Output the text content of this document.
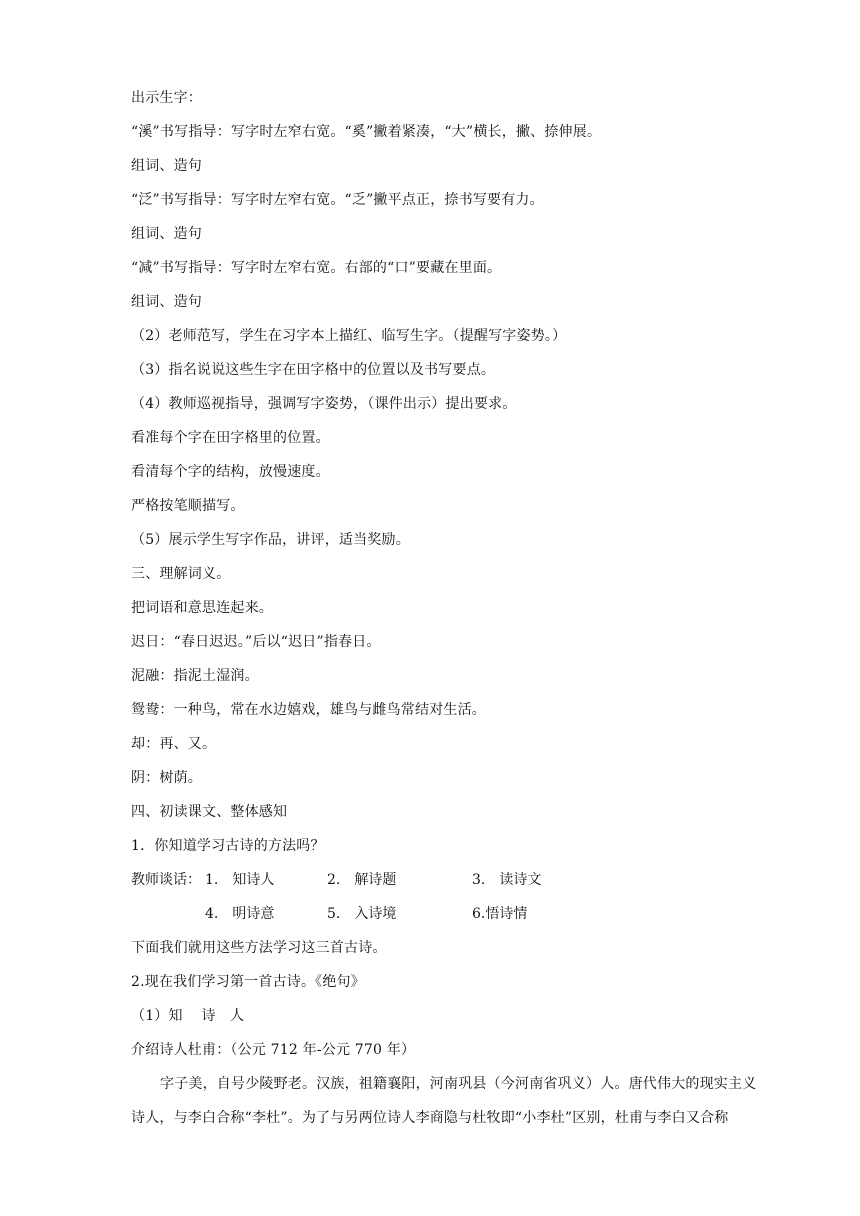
出示生字：
“溪”书写指导：写字时左窄右宽。“奚”撇着紧凑，“大”横长，撇、捺伸展。
组词、造句
“泛”书写指导：写字时左窄右宽。“乏”撇平点正，捺书写要有力。
组词、造句
“减”书写指导：写字时左窄右宽。右部的“口”要藏在里面。
组词、造句
（2）老师范写，学生在习字本上描红、临写生字。（提醒写字姿势。）
（3）指名说说这些生字在田字格中的位置以及书写要点。
（4）教师巡视指导，强调写字姿势，（课件出示）提出要求。
看准每个字在田字格里的位置。
看清每个字的结构，放慢速度。
严格按笔顺描写。
（5）展示学生写字作品，讲评，适当奖励。
三、理解词义。
把词语和意思连起来。
迟日：“春日迟迟。”后以“迟日”指春日。
泥融：指泥土湿润。
鸳鸯：一种鸟，常在水边嬉戏，雄鸟与雌鸟常结对生活。
却：再、又。
阴：树荫。
四、初读课文、整体感知
1．你知道学习古诗的方法吗？
教师谈话： 1.　知诗人	2.　解诗题	3.　读诗文
4.　明诗意	5.　入诗境	6.悟诗情
下面我们就用这些方法学习这三首古诗。
2.现在我们学习第一首古诗。《绝句》
（1）知　 诗　人
介绍诗人杜甫：（公元 712 年-公元 770 年）
字子美，自号少陵野老。汉族，祖籍襄阳，河南巩县（今河南省巩义）人。唐代伟大的现实主义
诗人，与李白合称“李杜”。为了与另两位诗人李商隐与杜牧即“小李杜”区别，杜甫与李白又合称
